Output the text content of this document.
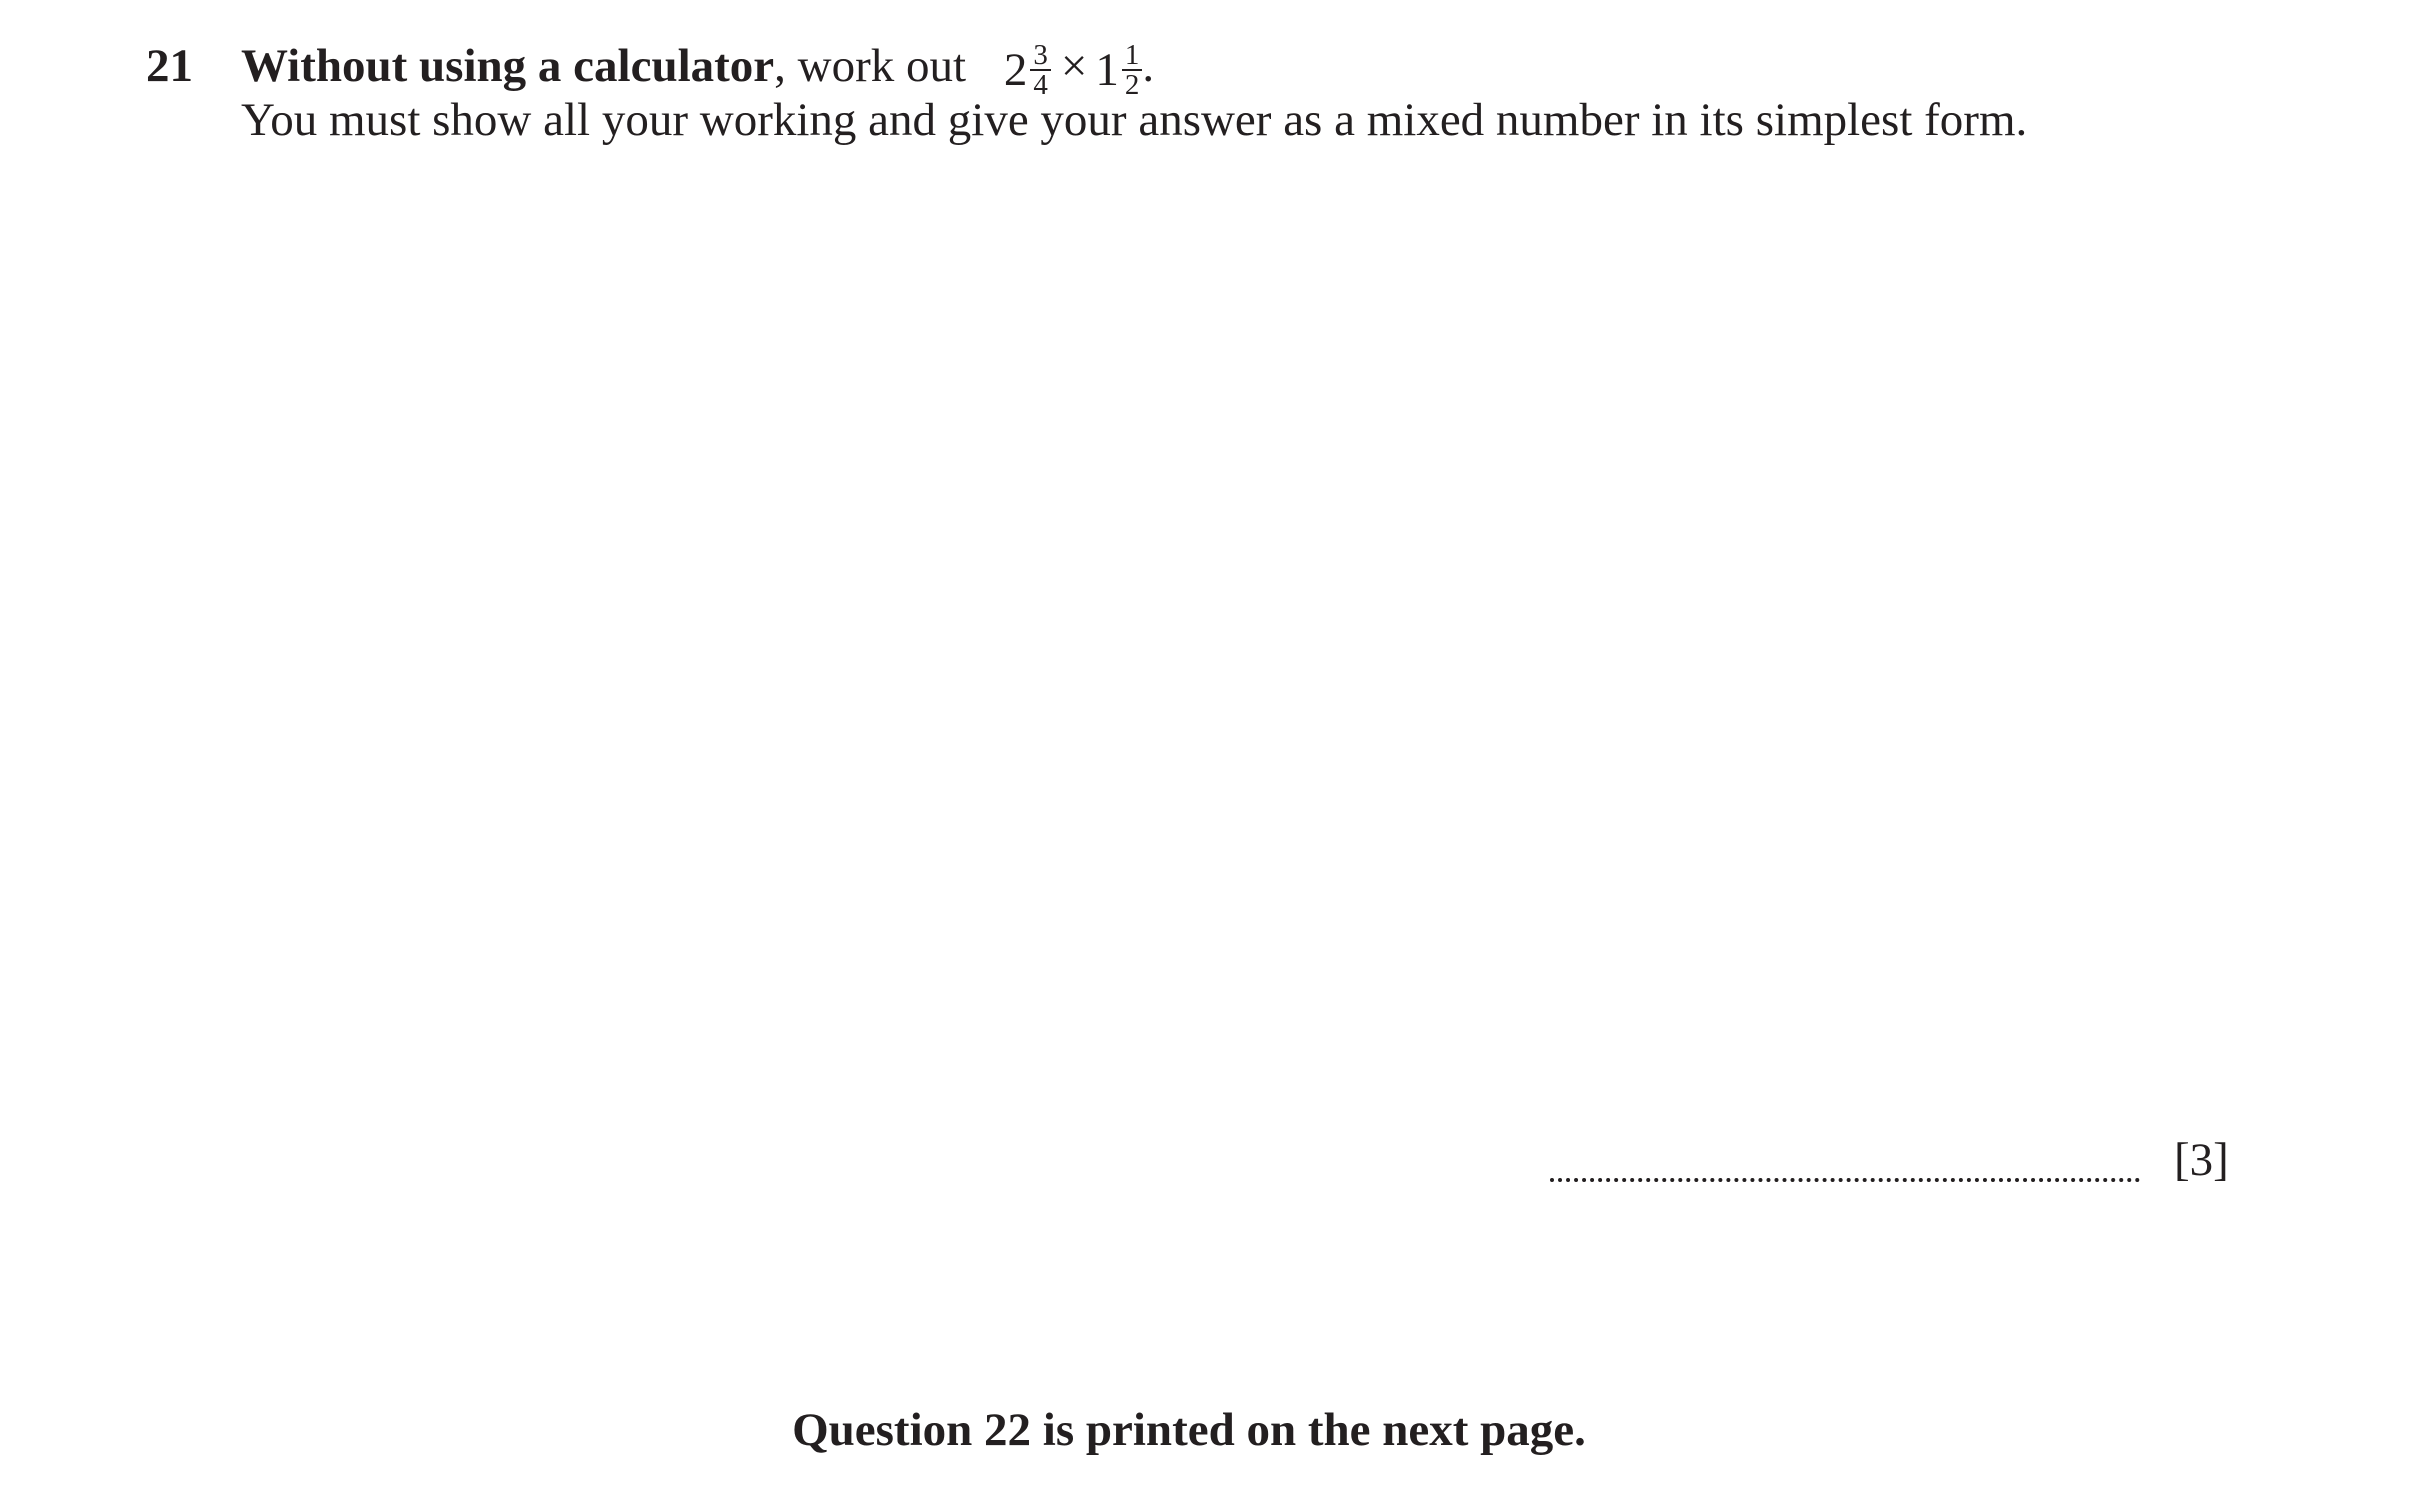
21 Without using a calculator, work out $2 \frac{3}{4} \times 1 \frac{1}{2}$ .
You must show all your working and give your answer as a mixed number in its simplest form.
[3]
Question 22 is printed on the next page.
